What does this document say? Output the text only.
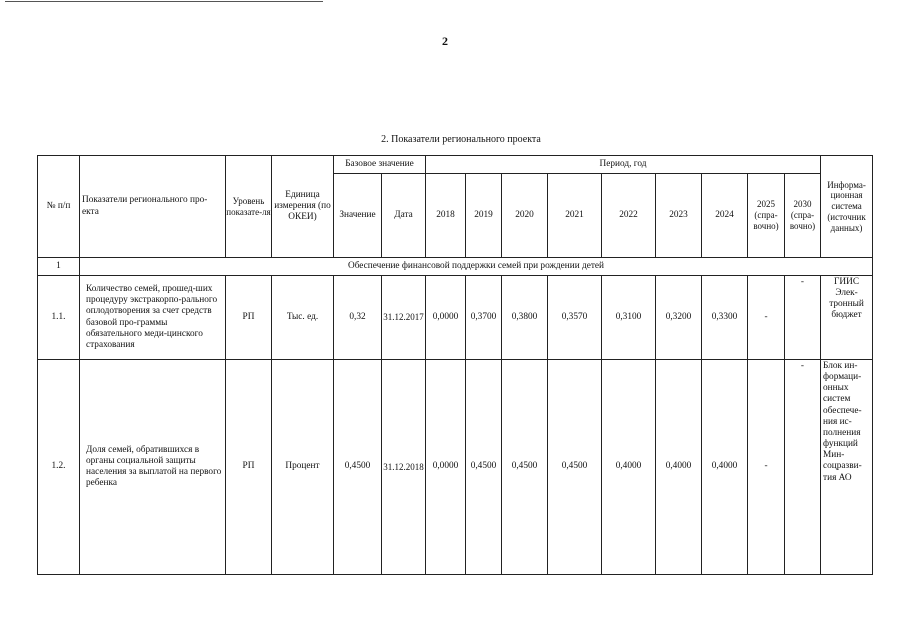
2
2. Показатели регионального проекта
№ п/п	Показатели регионального про-екта	Уровень показате-ля	Единица измерения (по ОКЕИ)	Базовое значение		Период, год									Информа-ционная система (источник данных)
				Значение	Дата	2018	2019	2020	2021	2022	2023	2024	2025 (спра-вочно)	2030 (спра-вочно)	
1	Обеспечение финансовой поддержки семей при рождении детей														
1.1.	Количество семей, прошед-ших процедуру экстракорпо-рального оплодотворения за счет средств базовой про-граммы обязательного меди-цинского страхования	РП	Тыс. ед.	0,32	31.12.2017	0,0000	0,3700	0,3800	0,3570	0,3100	0,3200	0,3300	-	-	ГИИС Элек-тронный бюджет
1.2.	Доля семей, обратившихся в органы социальной защиты населения за выплатой на первого ребенка	РП	Процент	0,4500	31.12.2018	0,0000	0,4500	0,4500	0,4500	0,4000	0,4000	0,4000	-	-	Блок ин-формаци-онных систем обеспече-ния ис-полнения функций Мин-соцразви-тия АО
